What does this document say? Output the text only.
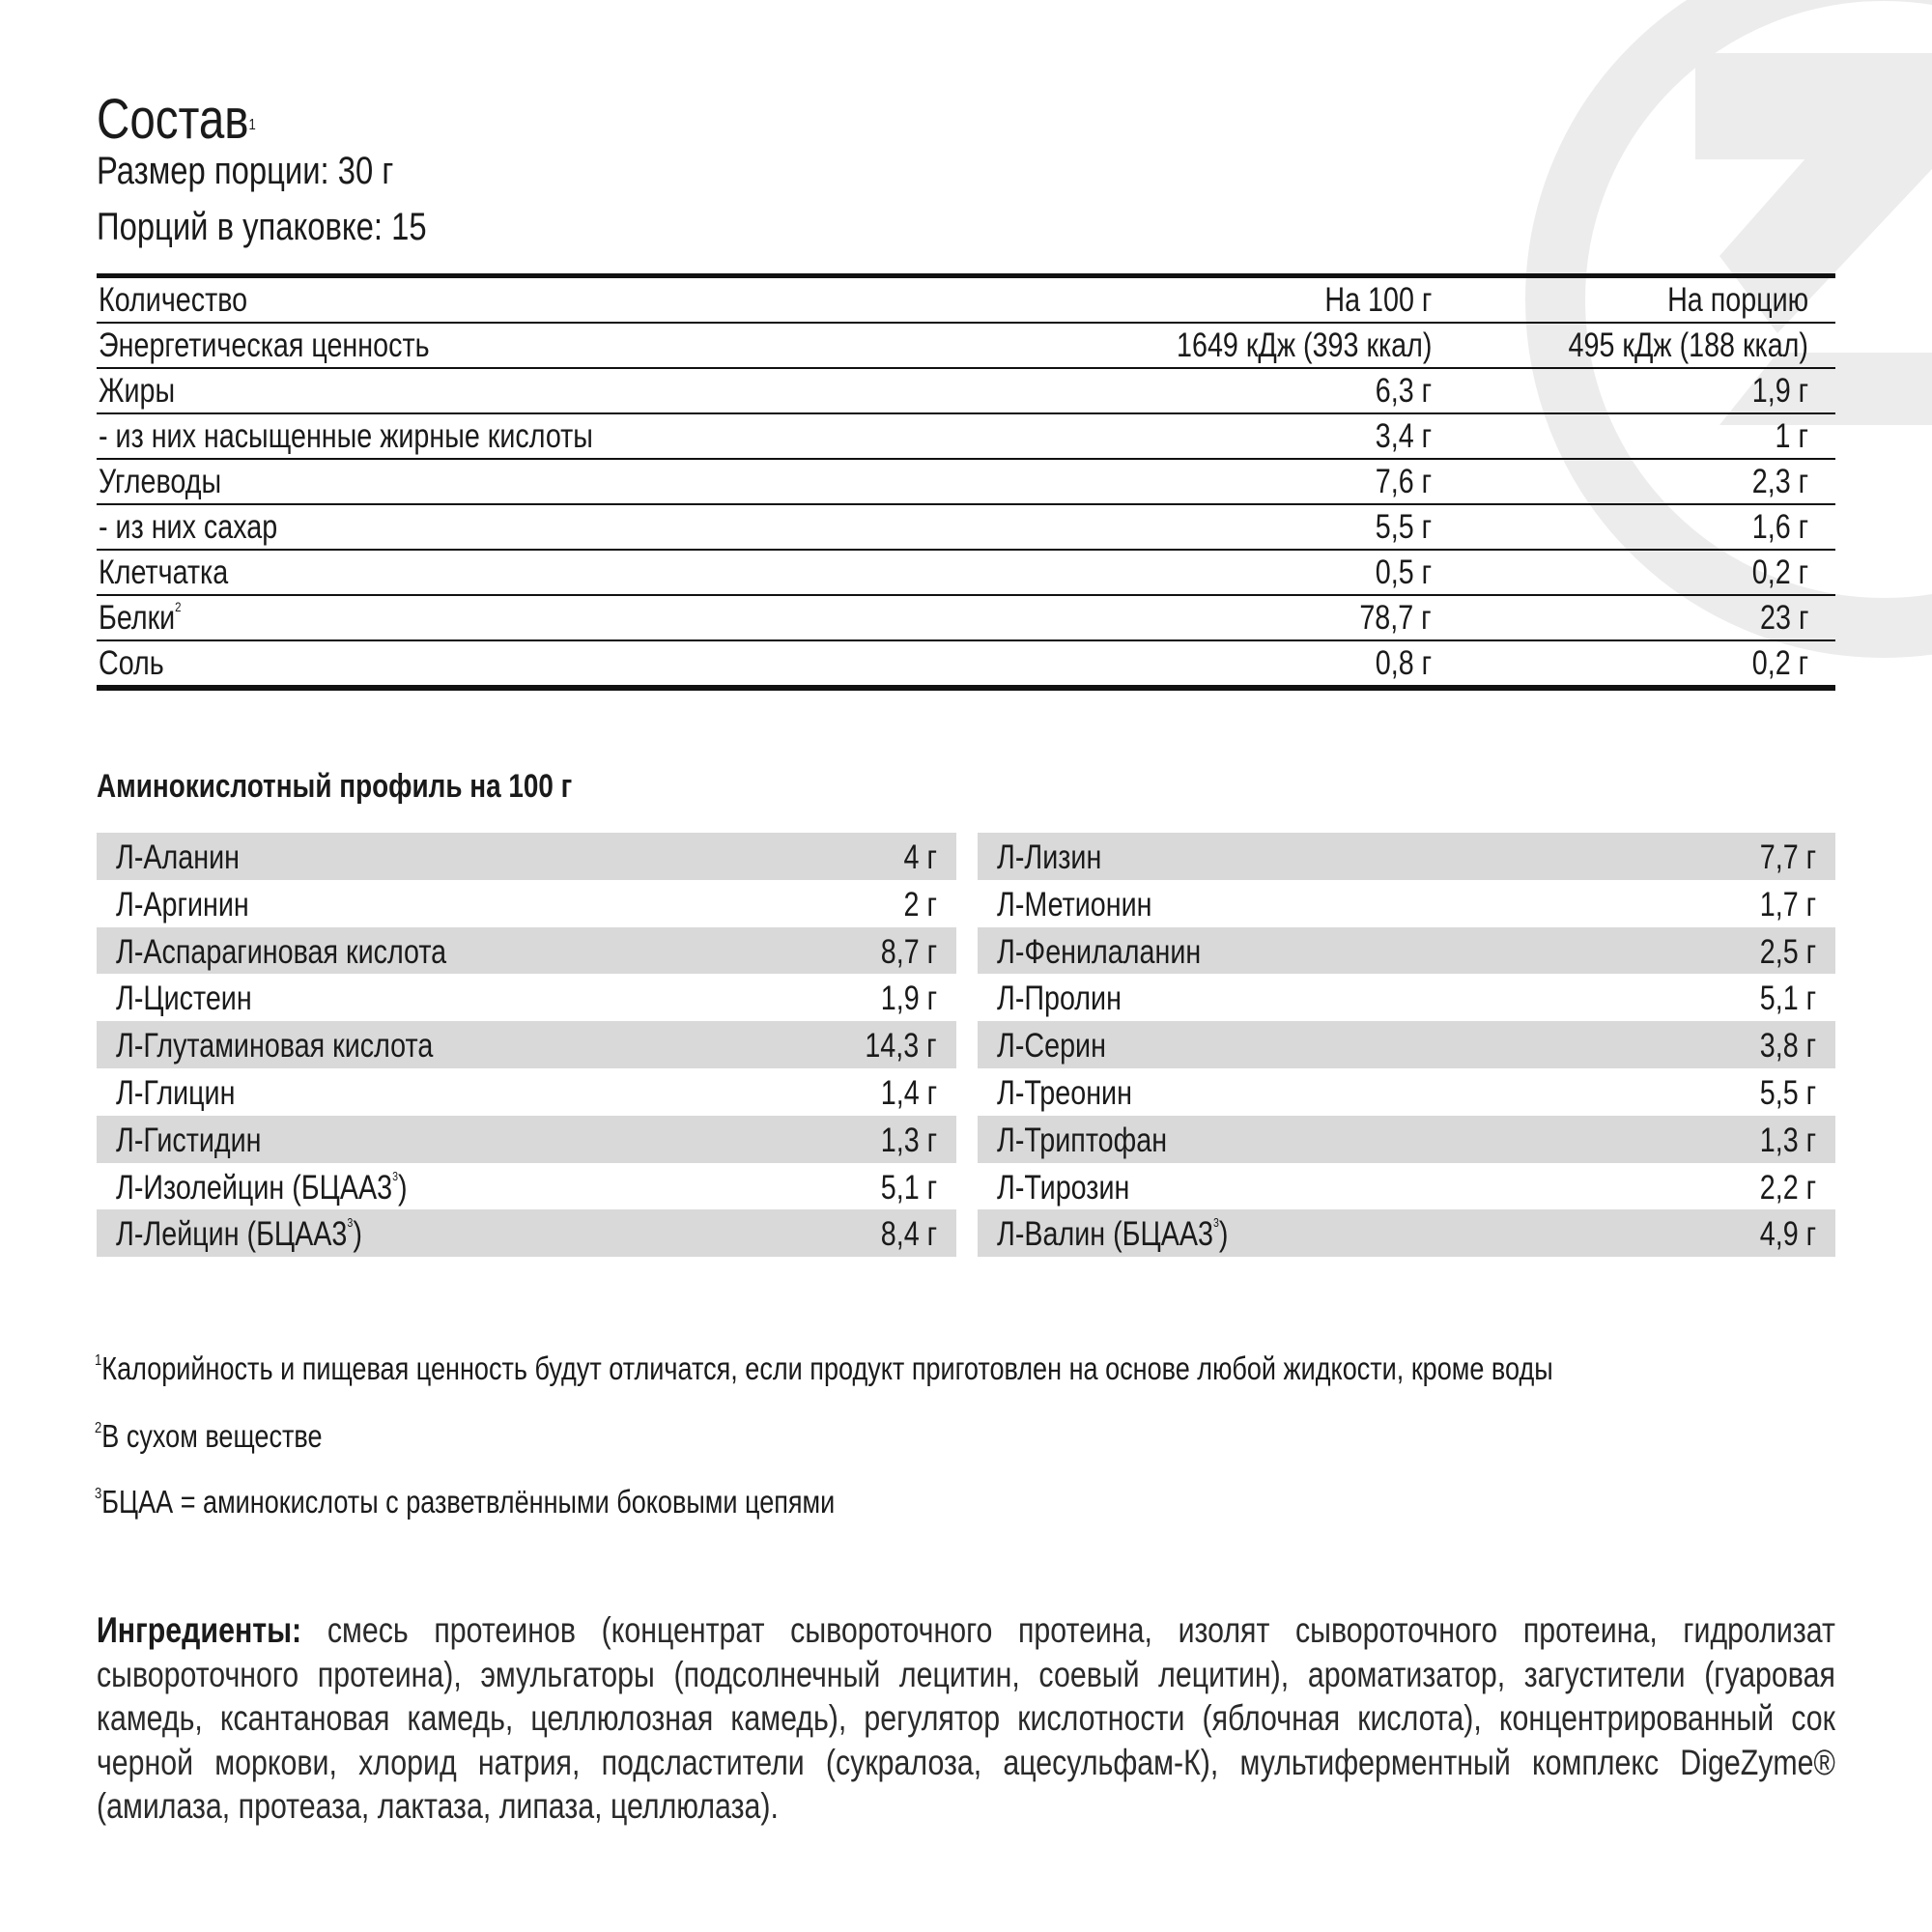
Состав$^1$
Размер порции: 30 г
Порций в упаковке: 15
Количество	На 100 г	На порцию
Энергетическая ценность	1649 кДж (393 ккал)	495 кДж (188 ккал)
Жиры	6,3 г	1,9 г
- из них насыщенные жирные кислоты	3,4 г	1 г
Углеводы	7,6 г	2,3 г
- из них сахар	5,5 г	1,6 г
Клетчатка	0,5 г	0,2 г
Белки$^2$	78,7 г	23 г
Соль	0,8 г	0,2 г
Аминокислотный профиль на 100 г
Л-Аланин	4 г
Л-Аргинин	2 г
Л-Аспарагиновая кислота	8,7 г
Л-Цистеин	1,9 г
Л-Глутаминовая кислота	14,3 г
Л-Глицин	1,4 г
Л-Гистидин	1,3 г
Л-Изолейцин $(БЦАА3^3)$	5,1 г
Л-Лейцин $(БЦАА3^3)$	8,4 г
Л-Лизин	7,7 г
Л-Метионин	1,7 г
Л-Фенилаланин	2,5 г
Л-Пролин	5,1 г
Л-Серин	3,8 г
Л-Треонин	5,5 г
Л-Триптофан	1,3 г
Л-Тирозин	2,2 г
Л-Валин $(БЦАА3^3)$	4,9 г
$^1$Калорийность и пищевая ценность будут отличатся, если продукт приготовлен на основе любой жидкости, кроме воды
$^2$В сухом веществе
$^3$БЦАА = аминокислоты с разветвлёнными боковыми цепями
Ингредиенты: смесь протеинов (концентрат сывороточного протеина, изолят сывороточного протеина, гидролизат сывороточного протеина), эмульгаторы (подсолнечный лецитин, соевый лецитин), ароматизатор, загустители (гуаровая камедь, ксантановая камедь, целлюлозная камедь), регулятор кислотности (яблочная кислота), концентрированный сок черной моркови, хлорид натрия, подсластители (сукралоза, ацесульфам-К), мультиферментный комплекс DigeZyme® (амилаза, протеаза, лактаза, липаза, целлюлаза).
